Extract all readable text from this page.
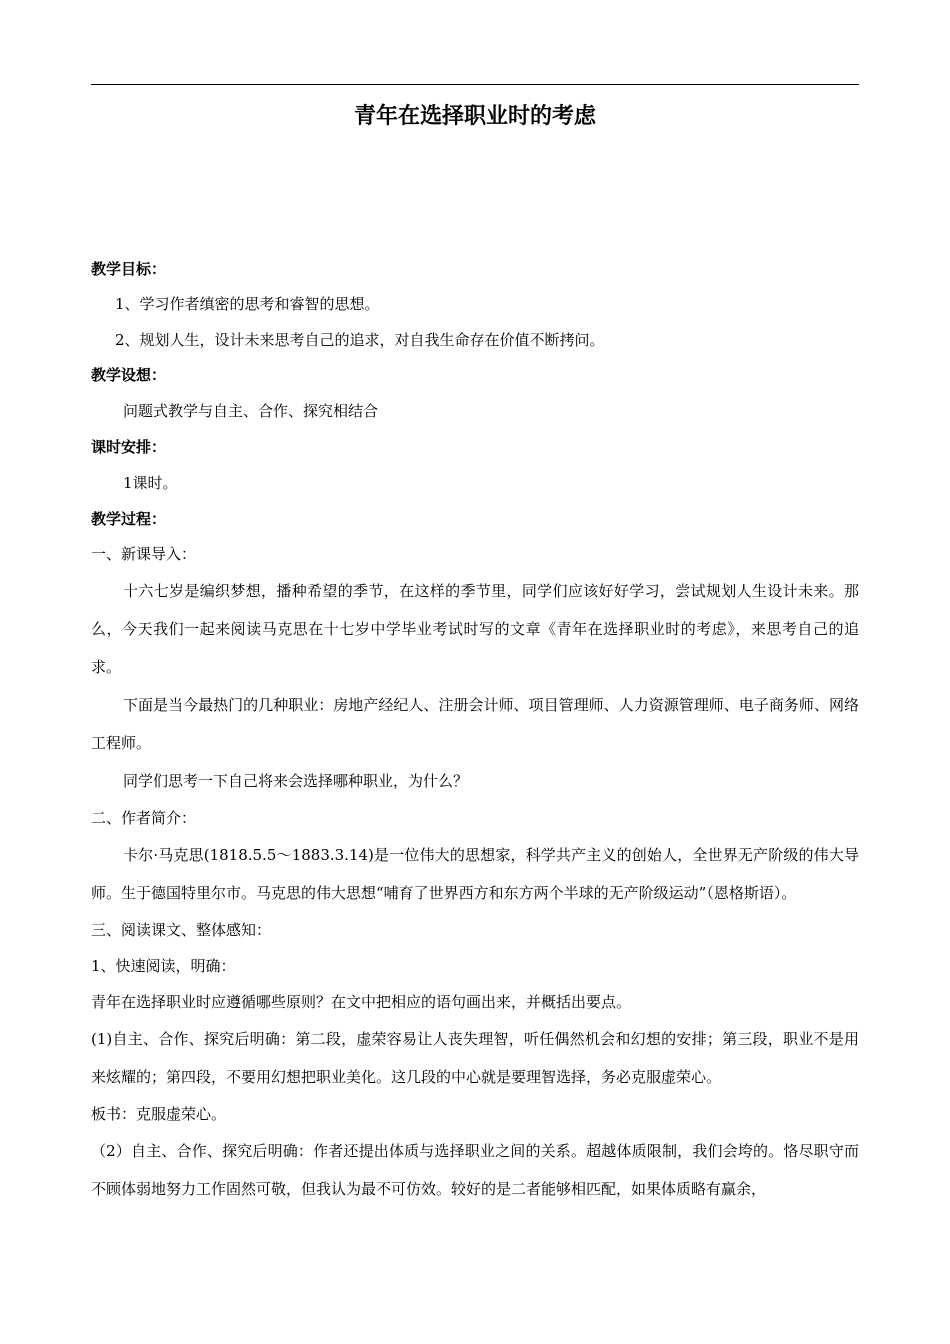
青年在选择职业时的考虑

教学目标：

1、学习作者缜密的思考和睿智的思想。

2、规划人生，设计未来思考自己的追求，对自我生命存在价值不断拷问。

教学设想：

问题式教学与自主、合作、探究相结合

课时安排：

1课时。

教学过程：

一、新课导入：

十六七岁是编织梦想，播种希望的季节，在这样的季节里，同学们应该好好学习，尝试规划人生设计未来。那么，今天我们一起来阅读马克思在十七岁中学毕业考试时写的文章《青年在选择职业时的考虑》，来思考自己的追求。

下面是当今最热门的几种职业：房地产经纪人、注册会计师、项目管理师、人力资源管理师、电子商务师、网络工程师。

同学们思考一下自己将来会选择哪种职业，为什么？

二、作者简介：

卡尔·马克思(1818.5.5～1883.3.14)是一位伟大的思想家，科学共产主义的创始人，全世界无产阶级的伟大导师。生于德国特里尔市。马克思的伟大思想“哺育了世界西方和东方两个半球的无产阶级运动”（恩格斯语）。

三、阅读课文、整体感知：

1、快速阅读，明确：

青年在选择职业时应遵循哪些原则？在文中把相应的语句画出来，并概括出要点。

(1)自主、合作、探究后明确：第二段，虚荣容易让人丧失理智，听任偶然机会和幻想的安排；第三段，职业不是用来炫耀的；第四段，不要用幻想把职业美化。这几段的中心就是要理智选择，务必克服虚荣心。

板书：克服虚荣心。

（2）自主、合作、探究后明确：作者还提出体质与选择职业之间的关系。超越体质限制，我们会垮的。恪尽职守而不顾体弱地努力工作固然可敬，但我认为最不可仿效。较好的是二者能够相匹配，如果体质略有赢余，
